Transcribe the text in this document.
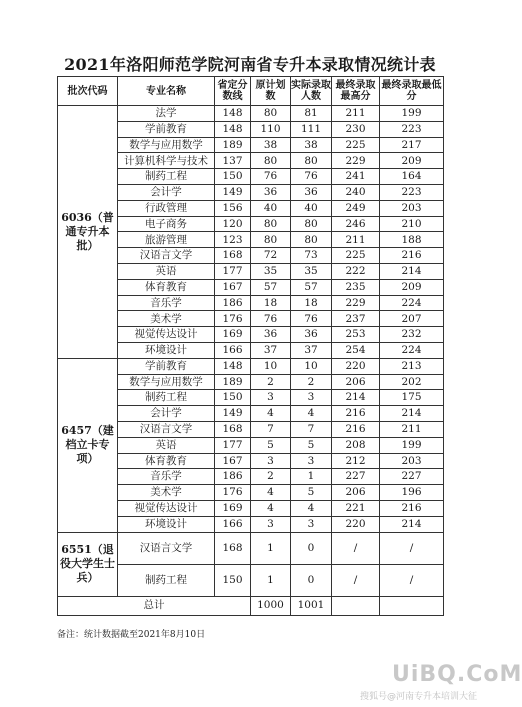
2021年洛阳师范学院河南省专升本录取情况统计表
批次代码	专业名称	省定分数线	原计划数	实际录取人数	最终录取最高分	最终录取最低分
6036（普通专升本批）	法学	148	80	81	211	199
	学前教育	148	110	111	230	223
	数学与应用数学	189	38	38	225	217
	计算机科学与技术	137	80	80	229	209
	制药工程	150	76	76	241	164
	会计学	149	36	36	240	223
	行政管理	156	40	40	249	203
	电子商务	120	80	80	246	210
	旅游管理	123	80	80	211	188
	汉语言文学	168	72	73	225	216
	英语	177	35	35	222	214
	体育教育	167	57	57	235	209
	音乐学	186	18	18	229	224
	美术学	176	76	76	237	207
	视觉传达设计	169	36	36	253	232
	环境设计	166	37	37	254	224
6457（建档立卡专项）	学前教育	148	10	10	220	213
	数学与应用数学	189	2	2	206	202
	制药工程	150	3	3	214	175
	会计学	149	4	4	216	214
	汉语言文学	168	7	7	216	211
	英语	177	5	5	208	199
	体育教育	167	3	3	212	203
	音乐学	186	2	1	227	227
	美术学	176	4	5	206	196
	视觉传达设计	169	4	4	221	216
	环境设计	166	3	3	220	214
6551（退役大学生士兵）	汉语言文学	168	1	0	/	/
	制药工程	150	1	0	/	/
总计			1000	1001		
备注：统计数据截至2021年8月10日
UiBQ.CoM
搜狐号@河南专升本培训大征
